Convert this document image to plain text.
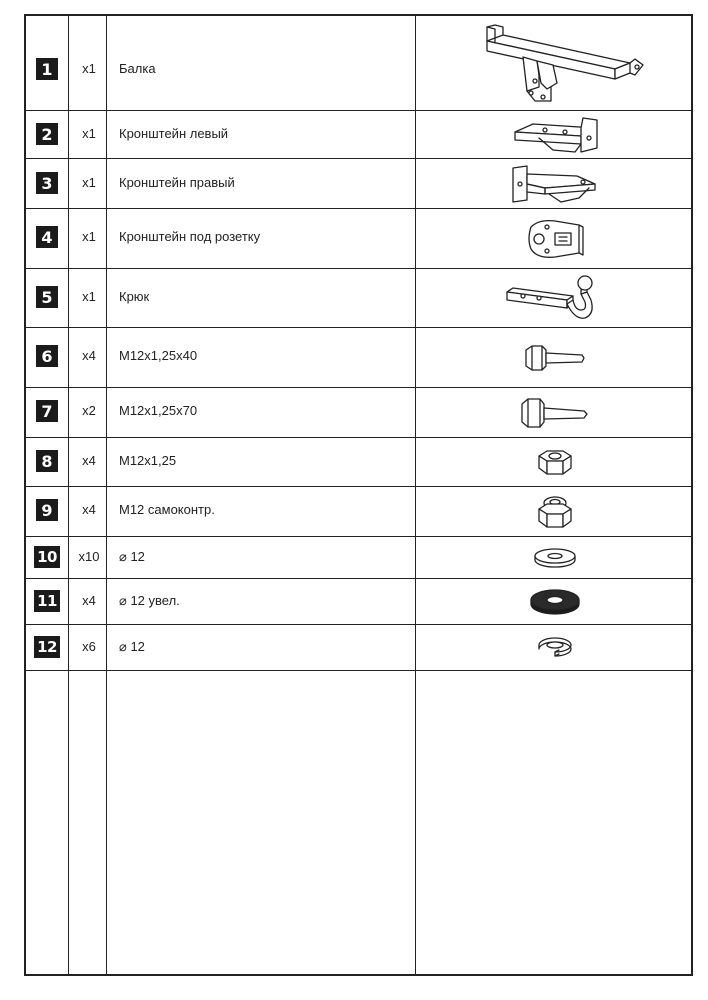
1	x1	Балка
2	x1	Кронштейн левый
3	x1	Кронштейн правый
4	x1	Кронштейн под розетку
5	x1	Крюк
6	x4	M12x1,25x40
7	x2	M12x1,25x70
8	x4	M12x1,25
9	x4	M12 самоконтр.
10	x10	⌀ 12
11	x4	⌀ 12 увел.
12	x6	⌀ 12
